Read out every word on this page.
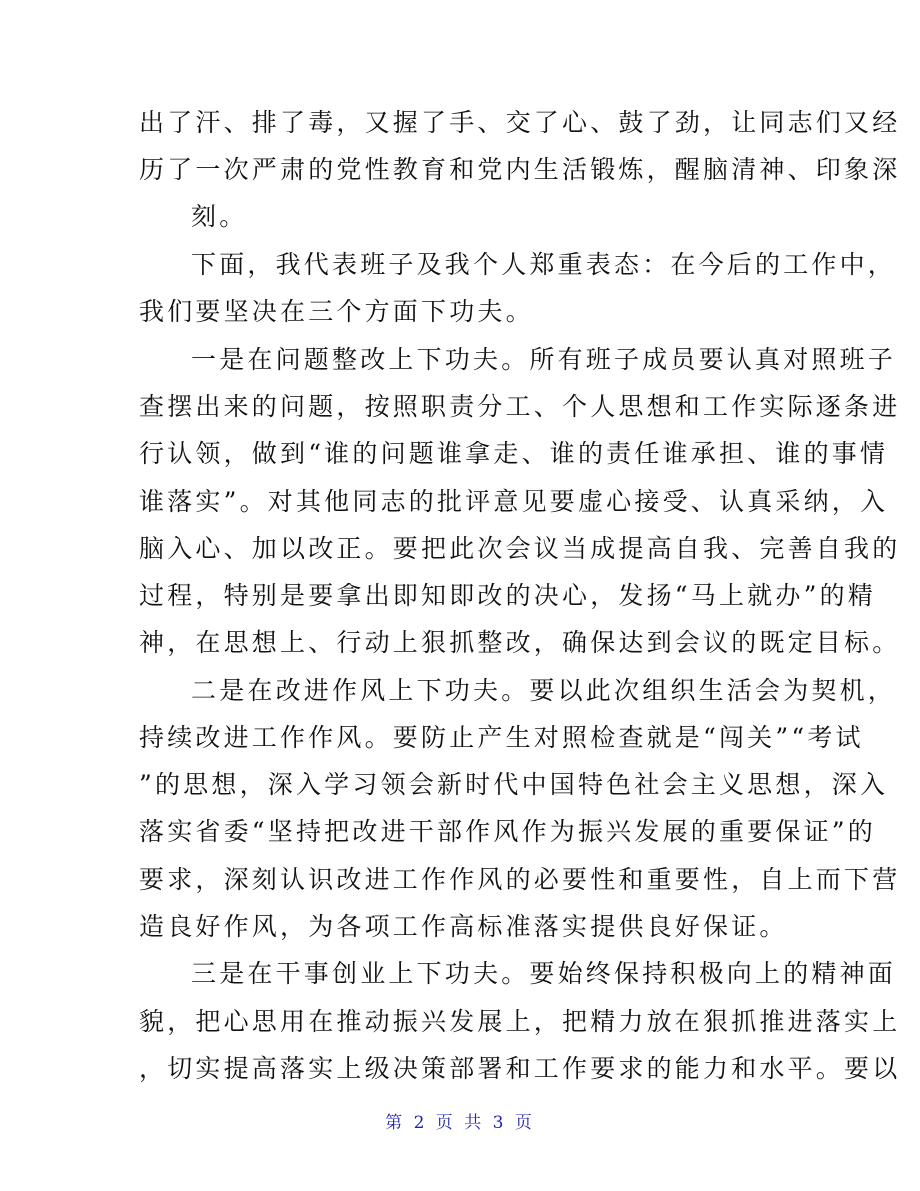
出了汗、排了毒，又握了手、交了心、鼓了劲，让同志们又经
历了一次严肃的党性教育和党内生活锻炼，醒脑清神、印象深
刻。
下面，我代表班子及我个人郑重表态：在今后的工作中，
我们要坚决在三个方面下功夫。
一是在问题整改上下功夫。所有班子成员要认真对照班子
查摆出来的问题，按照职责分工、个人思想和工作实际逐条进
行认领，做到“谁的问题谁拿走、谁的责任谁承担、谁的事情
谁落实”。对其他同志的批评意见要虚心接受、认真采纳，入
脑入心、加以改正。要把此次会议当成提高自我、完善自我的
过程，特别是要拿出即知即改的决心，发扬“马上就办”的精
神，在思想上、行动上狠抓整改，确保达到会议的既定目标。
二是在改进作风上下功夫。要以此次组织生活会为契机，
持续改进工作作风。要防止产生对照检查就是“闯关”“考试
”的思想，深入学习领会新时代中国特色社会主义思想，深入
落实省委“坚持把改进干部作风作为振兴发展的重要保证”的
要求，深刻认识改进工作作风的必要性和重要性，自上而下营
造良好作风，为各项工作高标准落实提供良好保证。
三是在干事创业上下功夫。要始终保持积极向上的精神面
貌，把心思用在推动振兴发展上，把精力放在狠抓推进落实上
，切实提高落实上级决策部署和工作要求的能力和水平。要以
第 2 页 共 3 页
